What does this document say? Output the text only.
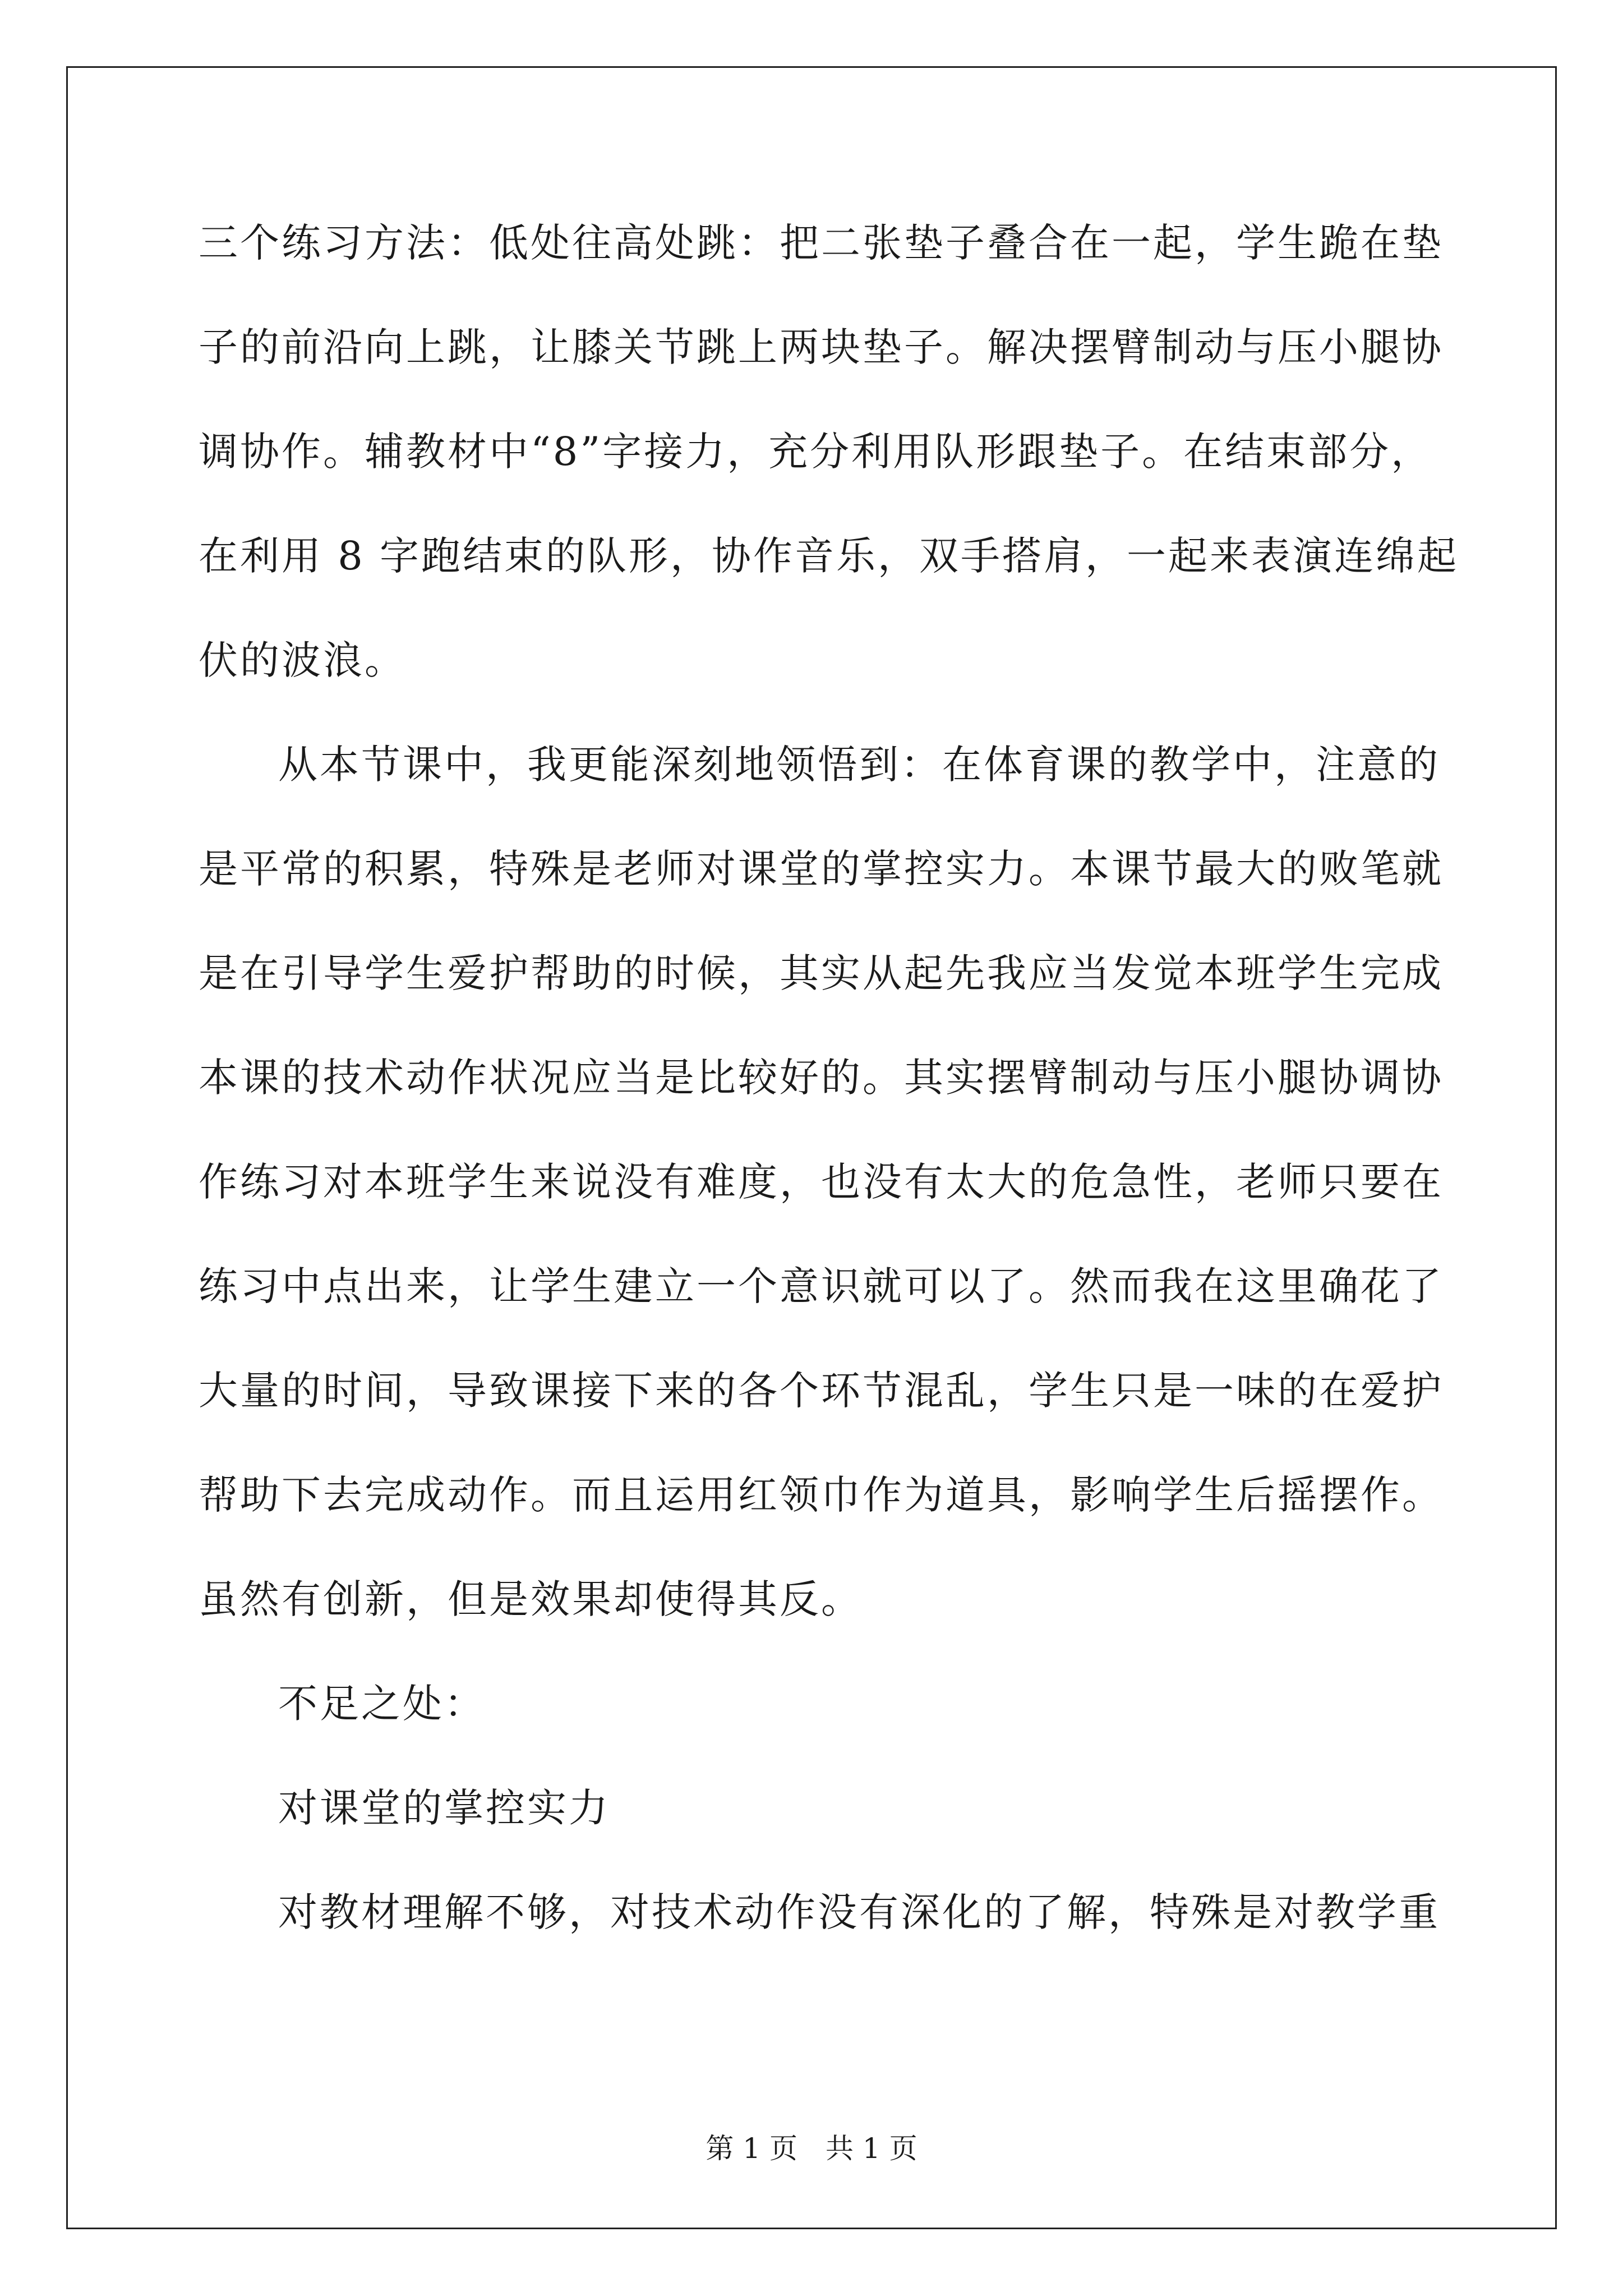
三个练习方法：低处往高处跳：把二张垫子叠合在一起，学生跪在垫
子的前沿向上跳，让膝关节跳上两块垫子。解决摆臂制动与压小腿协
调协作。辅教材中“8”字接力，充分利用队形跟垫子。在结束部分，
在利用 8 字跑结束的队形，协作音乐，双手搭肩，一起来表演连绵起
伏的波浪。
从本节课中，我更能深刻地领悟到：在体育课的教学中，注意的
是平常的积累，特殊是老师对课堂的掌控实力。本课节最大的败笔就
是在引导学生爱护帮助的时候，其实从起先我应当发觉本班学生完成
本课的技术动作状况应当是比较好的。其实摆臂制动与压小腿协调协
作练习对本班学生来说没有难度，也没有太大的危急性，老师只要在
练习中点出来，让学生建立一个意识就可以了。然而我在这里确花了
大量的时间，导致课接下来的各个环节混乱，学生只是一味的在爱护
帮助下去完成动作。而且运用红领巾作为道具，影响学生后摇摆作。
虽然有创新，但是效果却使得其反。
不足之处：
对课堂的掌控实力
对教材理解不够，对技术动作没有深化的了解，特殊是对教学重
第 1 页 共 1 页
